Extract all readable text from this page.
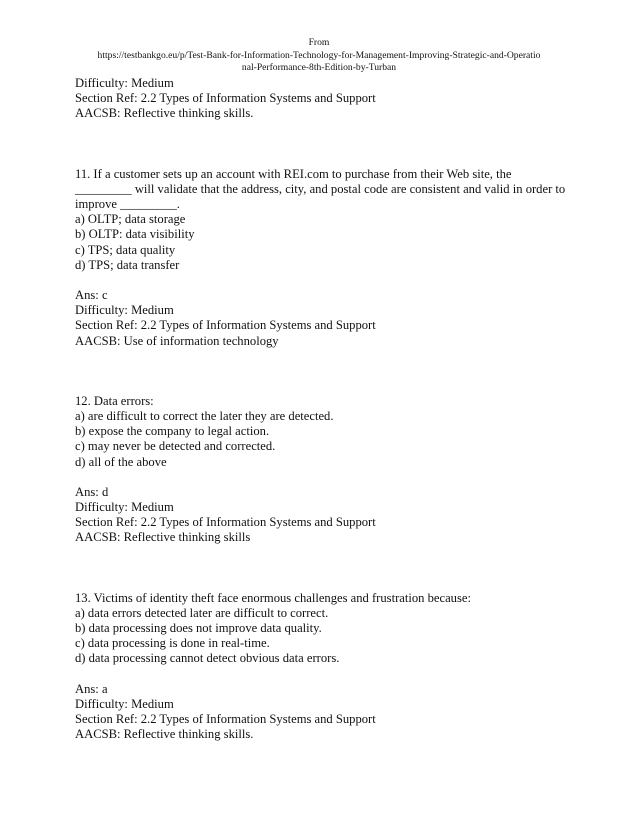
From
https://testbankgo.eu/p/Test-Bank-for-Information-Technology-for-Management-Improving-Strategic-and-Operatio
nal-Performance-8th-Edition-by-Turban
Difficulty: Medium
Section Ref: 2.2 Types of Information Systems and Support
AACSB: Reflective thinking skills.
11. If a customer sets up an account with REI.com to purchase from their Web site, the
_________ will validate that the address, city, and postal code are consistent and valid in order to
improve _________.
a) OLTP; data storage
b) OLTP: data visibility
c) TPS; data quality
d) TPS; data transfer
Ans: c
Difficulty: Medium
Section Ref: 2.2 Types of Information Systems and Support
AACSB: Use of information technology
12. Data errors:
a) are difficult to correct the later they are detected.
b) expose the company to legal action.
c) may never be detected and corrected.
d) all of the above
Ans: d
Difficulty: Medium
Section Ref: 2.2 Types of Information Systems and Support
AACSB: Reflective thinking skills
13. Victims of identity theft face enormous challenges and frustration because:
a) data errors detected later are difficult to correct.
b) data processing does not improve data quality.
c) data processing is done in real-time.
d) data processing cannot detect obvious data errors.
Ans: a
Difficulty: Medium
Section Ref: 2.2 Types of Information Systems and Support
AACSB: Reflective thinking skills.
